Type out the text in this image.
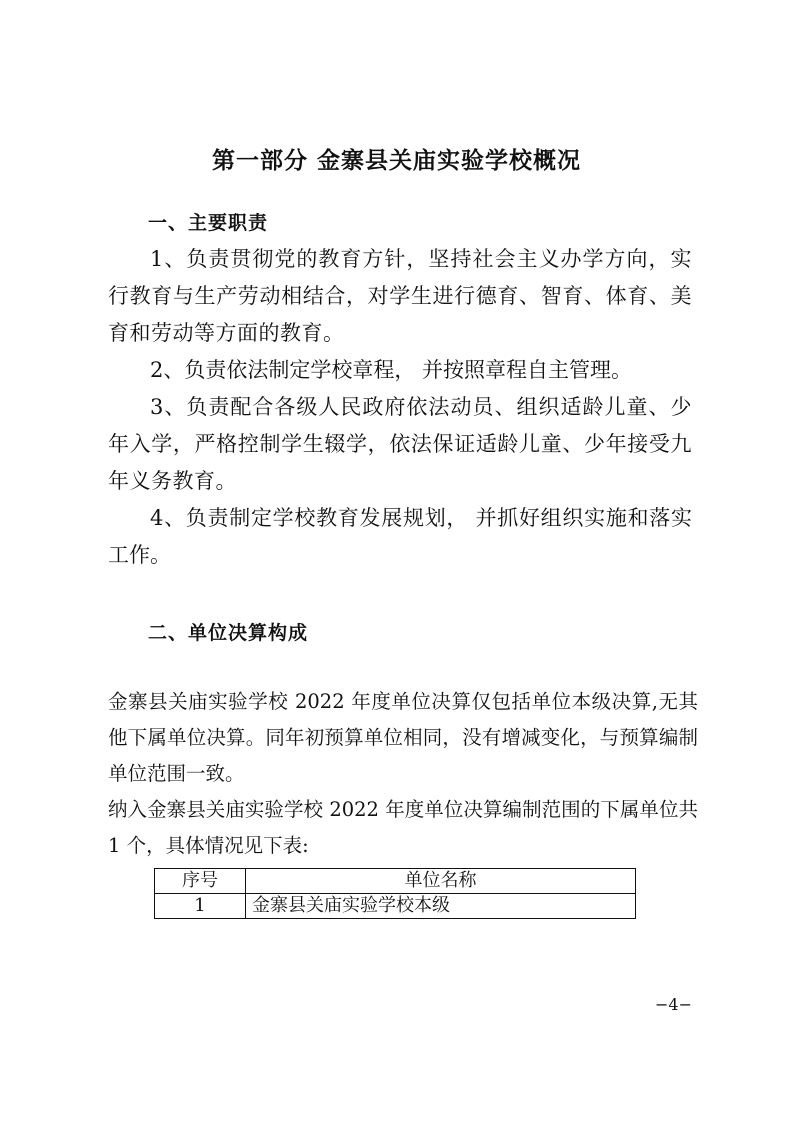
第一部分 金寨县关庙实验学校概况
一、主要职责

1、负责贯彻党的教育方针，坚持社会主义办学方向，实行教育与生产劳动相结合，对学生进行德育、智育、体育、美育和劳动等方面的教育。

2、负责依法制定学校章程， 并按照章程自主管理。

3、负责配合各级人民政府依法动员、组织适龄儿童、少年入学，严格控制学生辍学，依法保证适龄儿童、少年接受九年义务教育。

4、负责制定学校教育发展规划， 并抓好组织实施和落实工作。

二、单位决算构成

金寨县关庙实验学校 2022 年度单位决算仅包括单位本级决算,无其他下属单位决算。同年初预算单位相同，没有增减变化，与预算编制单位范围一致。

纳入金寨县关庙实验学校 2022 年度单位决算编制范围的下属单位共 1 个，具体情况见下表:

序号	单位名称
1	金寨县关庙实验学校本级
−4−
